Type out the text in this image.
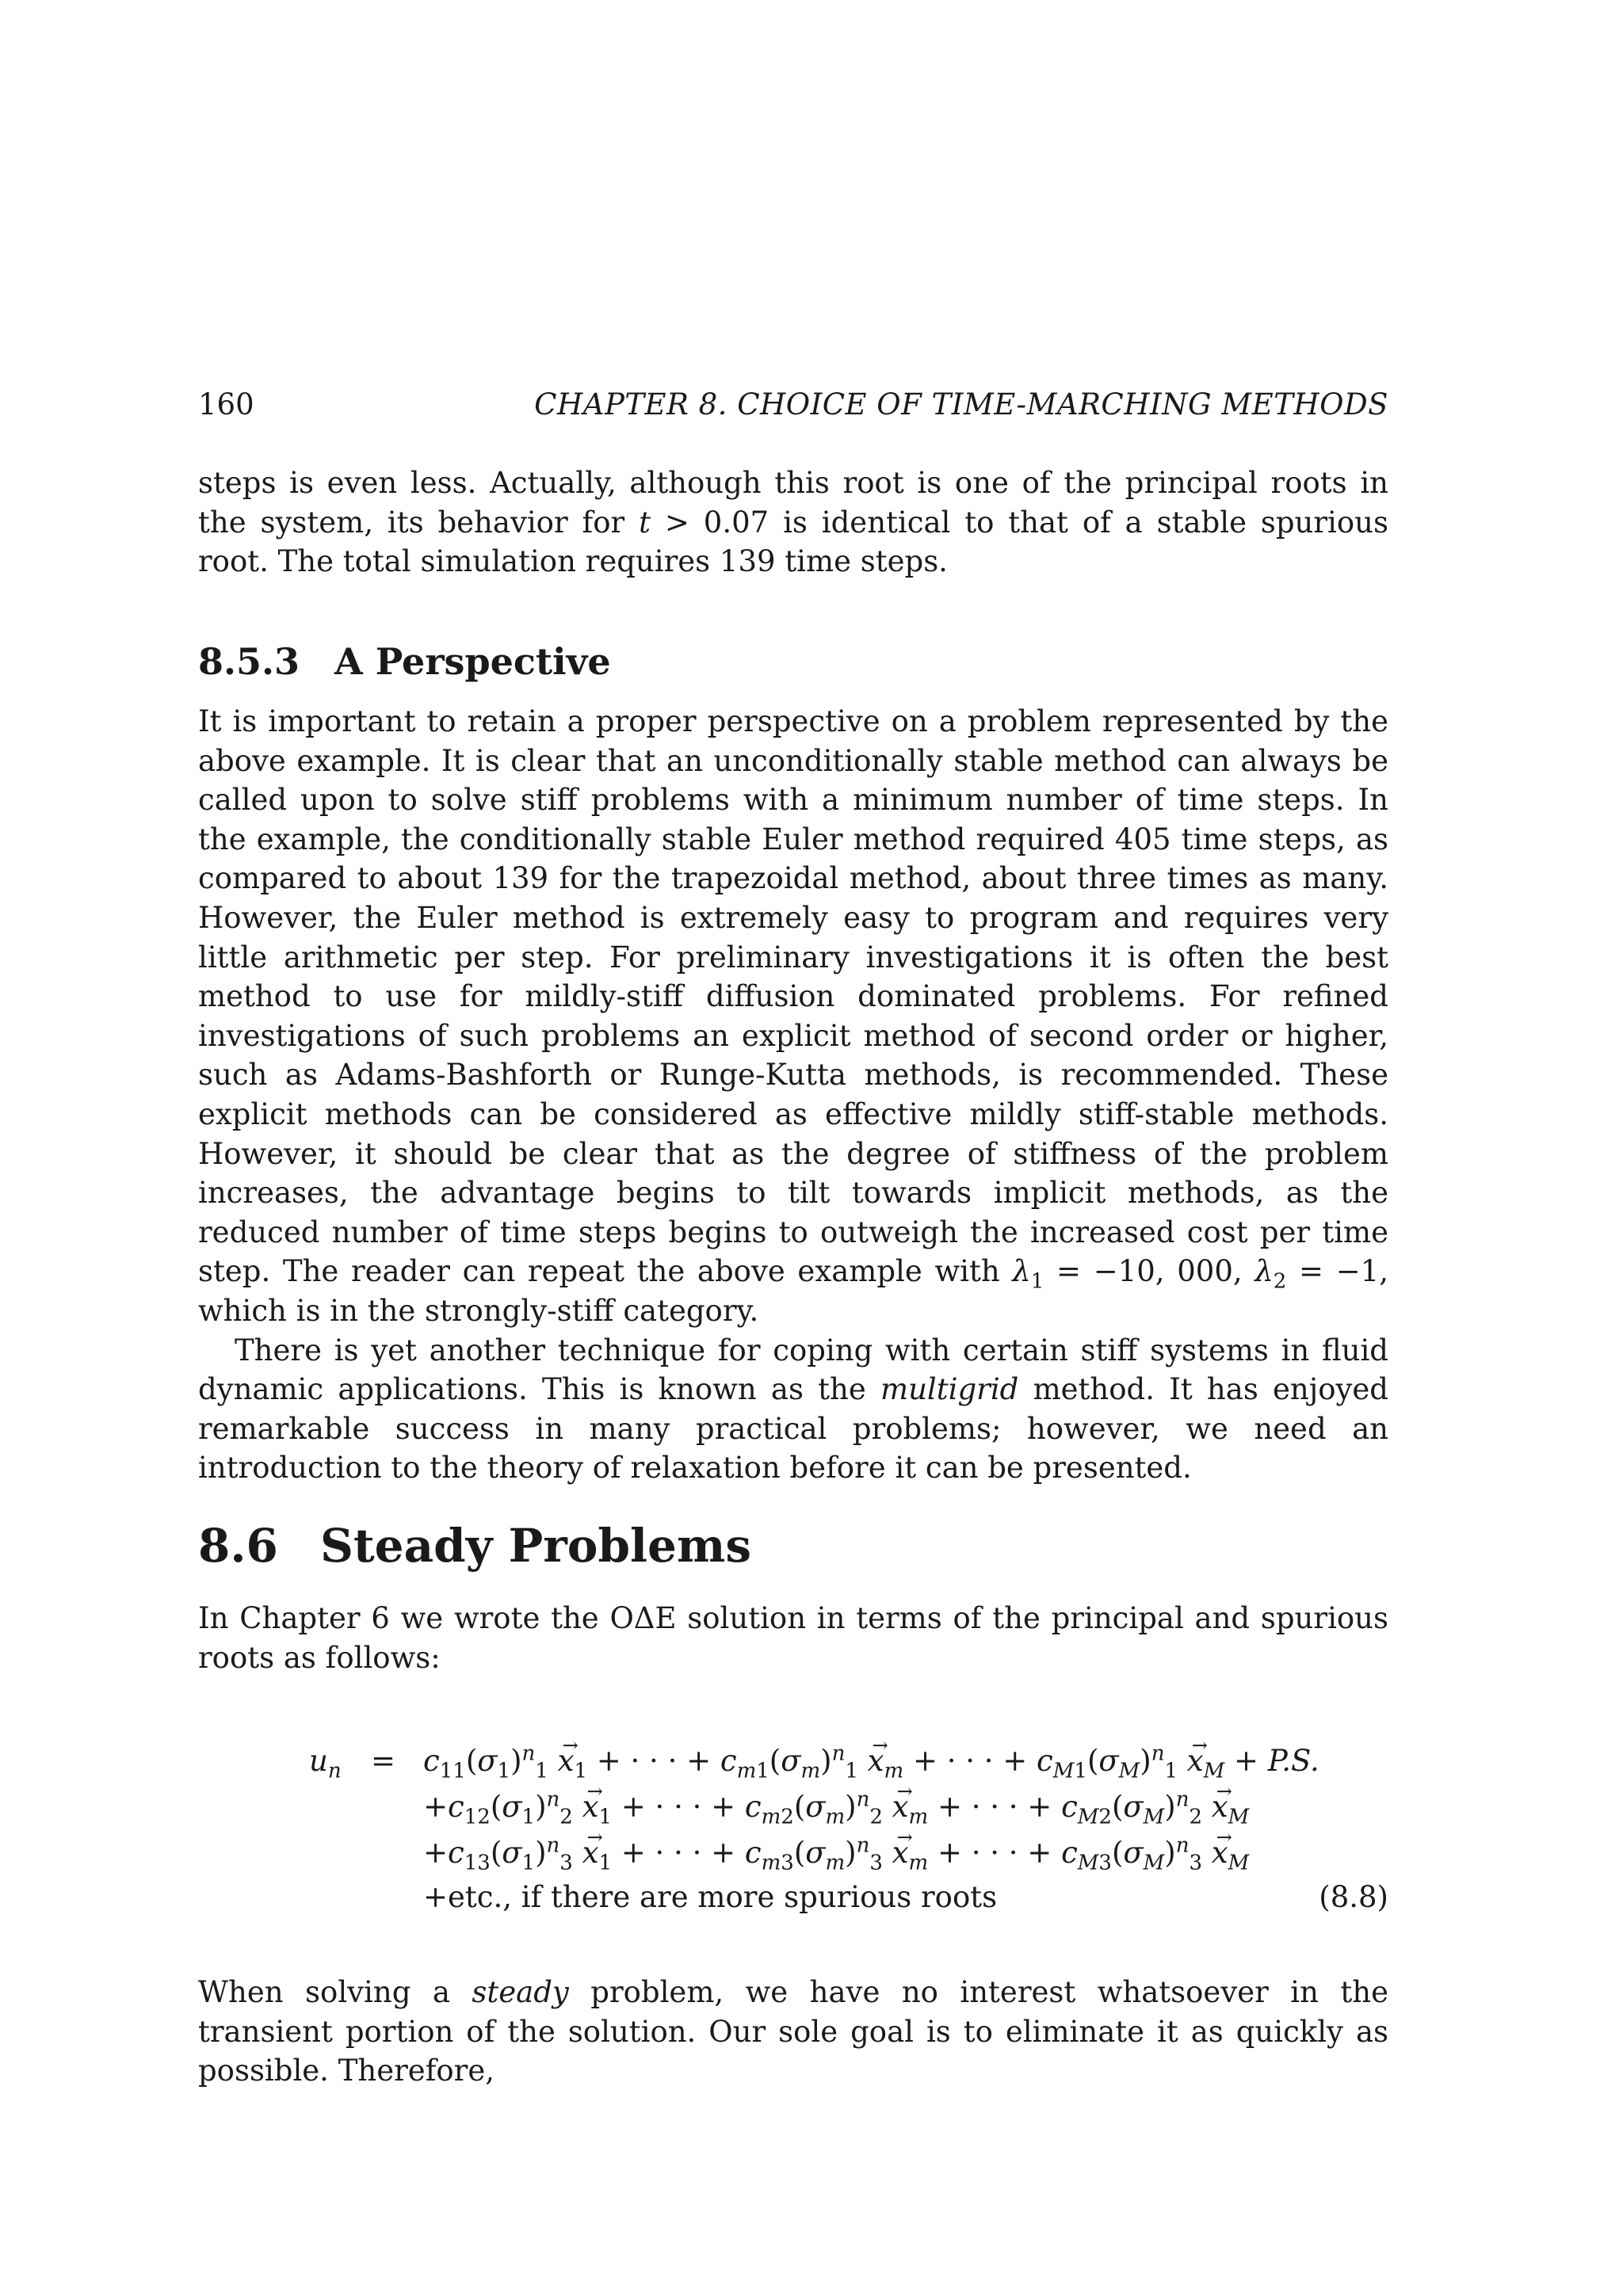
160	CHAPTER 8. CHOICE OF TIME-MARCHING METHODS

steps is even less. Actually, although this root is one of the principal roots in the system, its behavior for t > 0.07 is identical to that of a stable spurious root. The total simulation requires 139 time steps.

8.5.3 A Perspective

It is important to retain a proper perspective on a problem represented by the above example. It is clear that an unconditionally stable method can always be called upon to solve stiff problems with a minimum number of time steps. In the example, the conditionally stable Euler method required 405 time steps, as compared to about 139 for the trapezoidal method, about three times as many. However, the Euler method is extremely easy to program and requires very little arithmetic per step. For preliminary investigations it is often the best method to use for mildly-stiff diffusion dominated problems. For refined investigations of such problems an explicit method of second order or higher, such as Adams-Bashforth or Runge-Kutta methods, is recommended. These explicit methods can be considered as effective mildly stiff-stable methods. However, it should be clear that as the degree of stiffness of the problem increases, the advantage begins to tilt towards implicit methods, as the reduced number of time steps begins to outweigh the increased cost per time step. The reader can repeat the above example with $\lambda_1 = -10$, 000, $\lambda_2 = -1$, which is in the strongly-stiff category.

There is yet another technique for coping with certain stiff systems in fluid dynamic applications. This is known as the multigrid method. It has enjoyed remarkable success in many practical problems; however, we need an introduction to the theory of relaxation before it can be presented.

8.6 Steady Problems

In Chapter 6 we wrote the OΔE solution in terms of the principal and spurious roots as follows:

$u_n = c_{11}(\sigma_1)^n_1 \to x_1$ + · · · + $c_{m1}(\sigma_m)^n_1 \to x_m$ + · · · + $c_{M1}(\sigma_M)^n_1 \to x_M + P.S$.
$+c_{12}(\sigma_1)^n_2 \to x_1$ + · · · + $c_{m2}(\sigma_m)^n_2 \to x_m$ + · · · + $c_{M2}(\sigma_M)^n_2 \to x_M$
$+c_{13}(\sigma_1)^n_3 \to x_1$ + · · · + $c_{m3}(\sigma_m)^n_3 \to x_m$ + · · · + $c_{M3}(\sigma_M)^n_3 \to x_M$
+etc., if there are more spurious roots	(8.8)

When solving a steady problem, we have no interest whatsoever in the transient portion of the solution. Our sole goal is to eliminate it as quickly as possible. Therefore,
